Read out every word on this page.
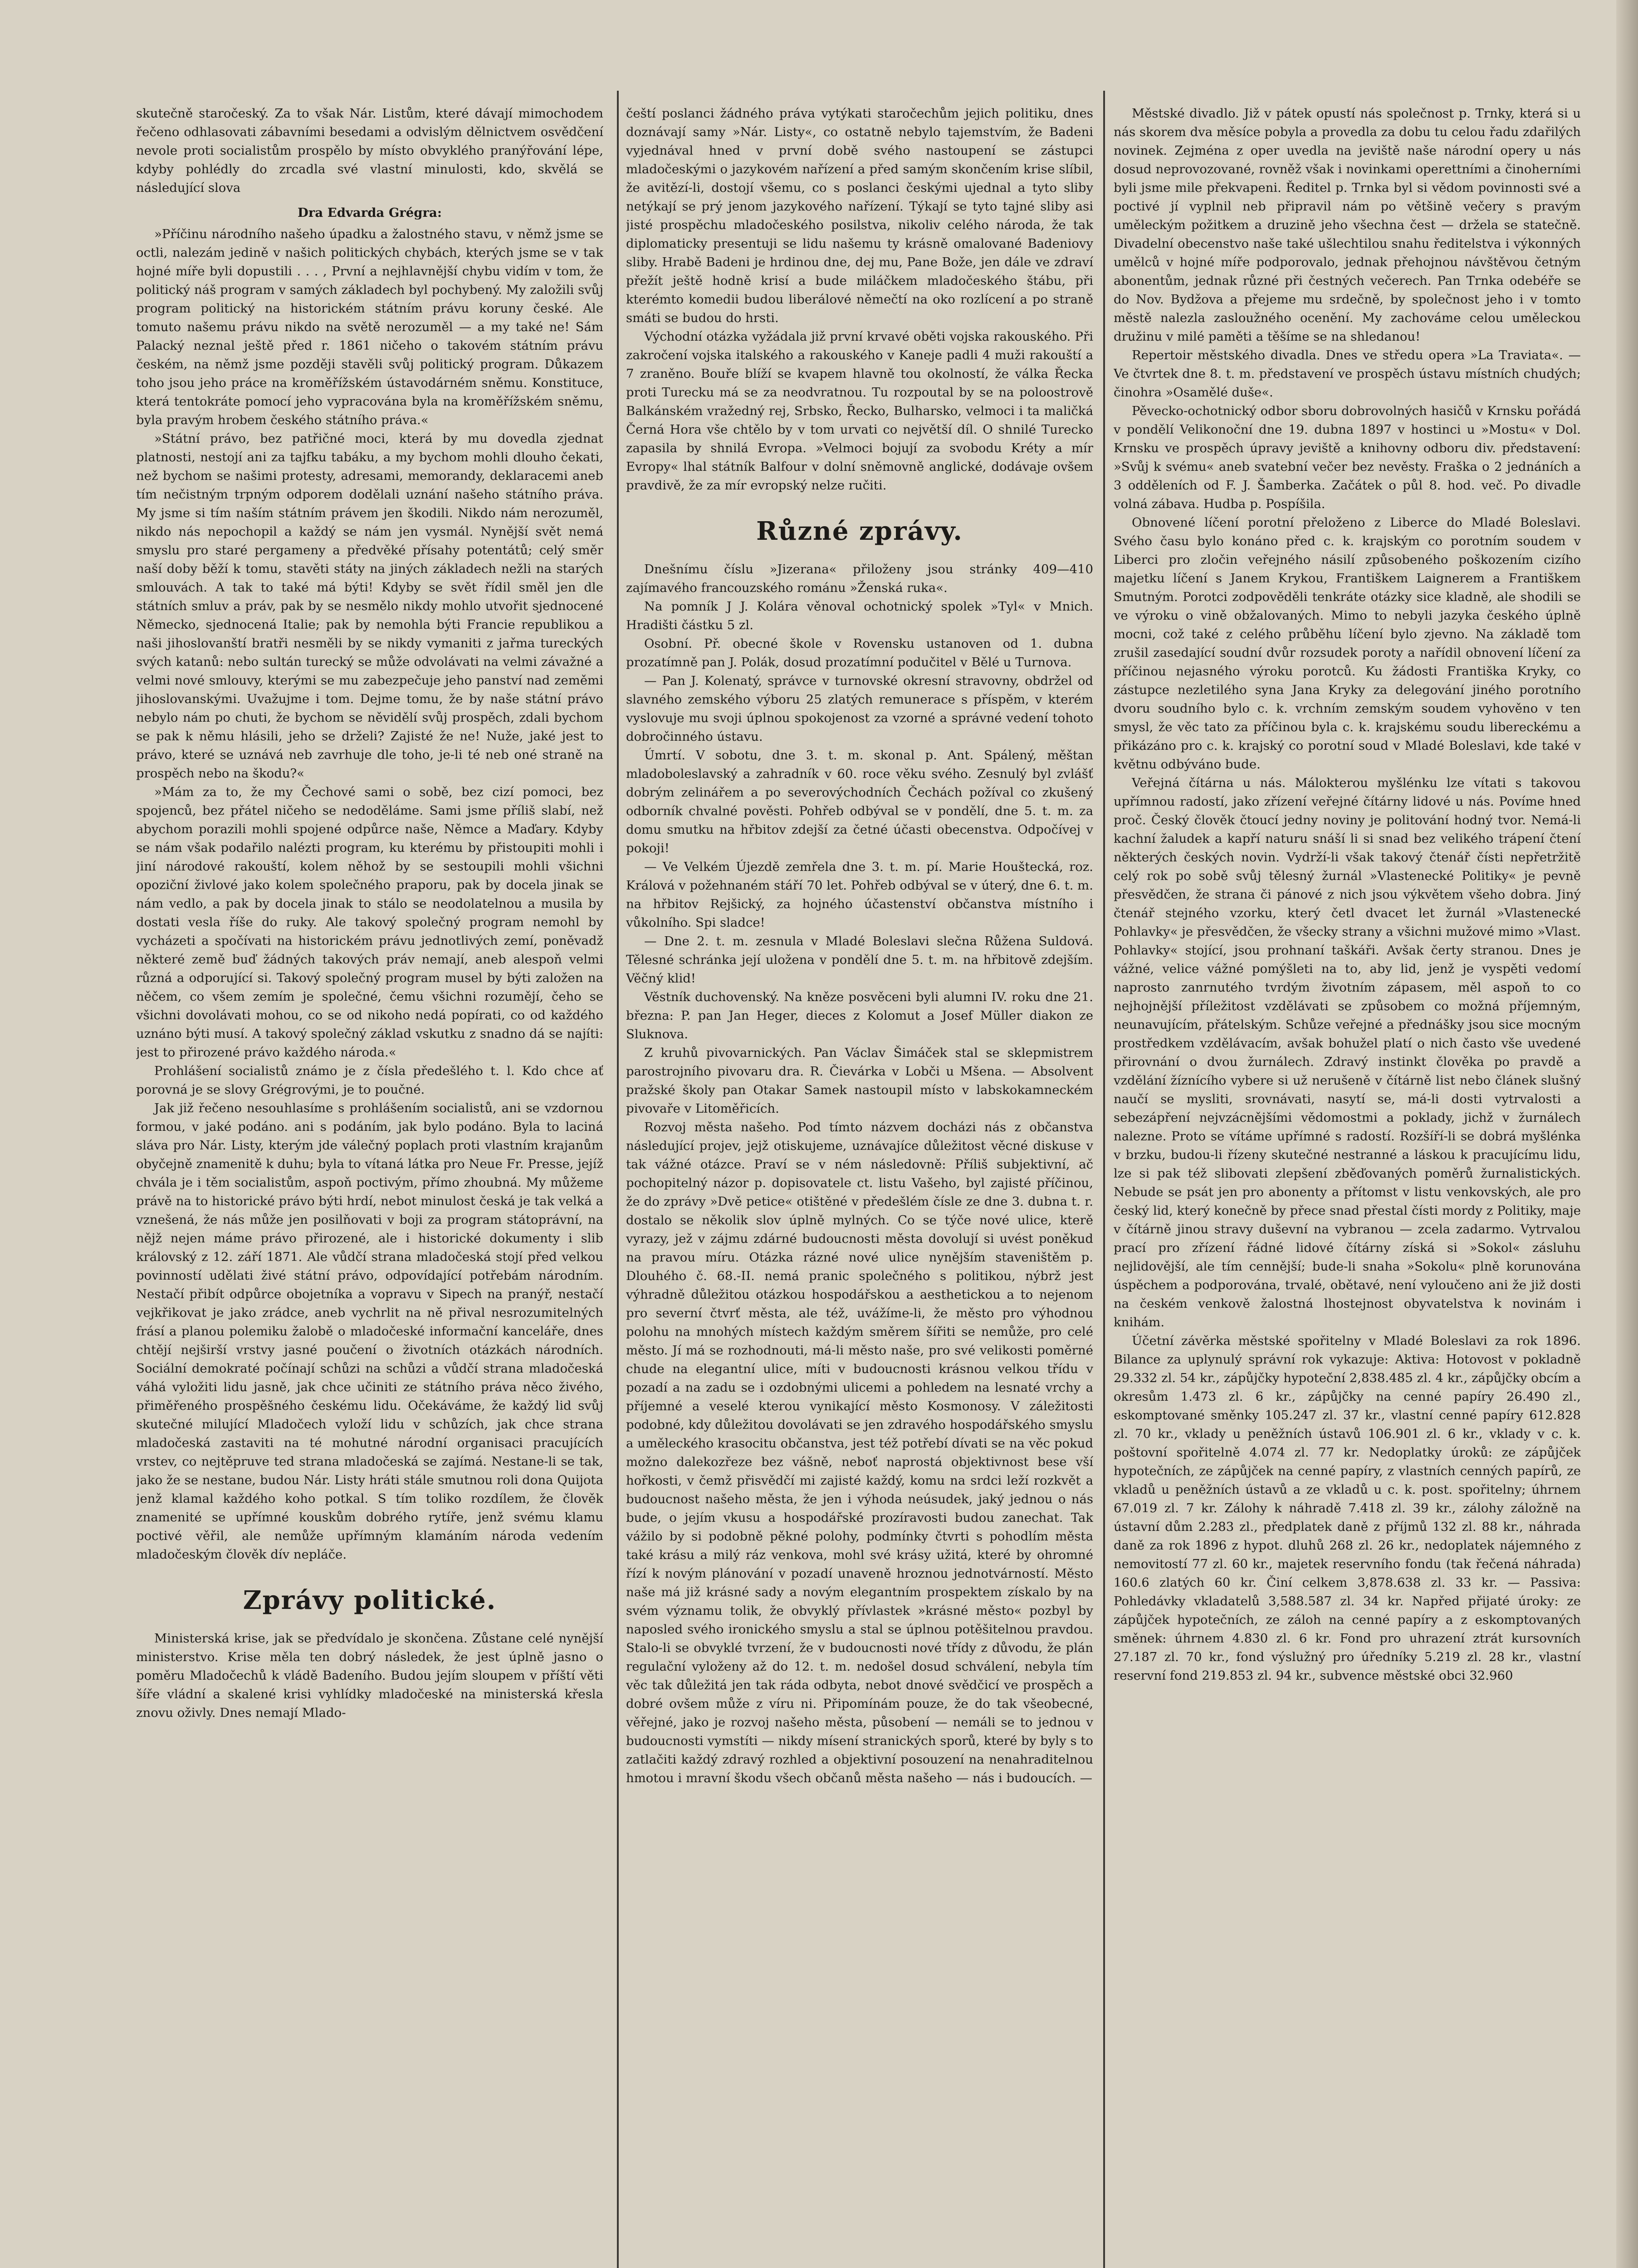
skutečně staročeský. Za to však Nár. Listům, které dávají mimochodem řečeno odhlasovati zábavními besedami a odvislým dělnictvem osvědčení nevole proti socialistům prospělo by místo obvyklého pranýřování lépe, kdyby pohlédly do zrcadla své vlastní minulosti, kdo, skvělá se následující slova

Dra Edvarda Grégra:

»Příčinu národního našeho úpadku a žalostného stavu, v němž jsme se octli, nalezám jedině v našich politických chybách, kterých jsme se v tak hojné míře byli dopustili . . . , První a nejhlavnější chybu vidím v tom, že politický náš program v samých základech byl pochybený. My založili svůj program politický na historickém státním právu koruny české. Ale tomuto našemu právu nikdo na světě nerozuměl — a my také ne! Sám Palacký neznal ještě před r. 1861 ničeho o takovém státním právu českém, na němž jsme později stavěli svůj politický program. Důkazem toho jsou jeho práce na kroměřížském ústavodárném sněmu. Konstituce, která tentokráte pomocí jeho vypracována byla na kroměřížském sněmu, byla pravým hrobem českého státního práva.«

»Státní právo, bez patřičné moci, která by mu dovedla zjednat platnosti, nestojí ani za tajfku tabáku, a my bychom mohli dlouho čekati, než bychom se našimi protesty, adresami, memorandy, deklaracemi aneb tím nečistným trpným odporem dodělali uznání našeho státního práva. My jsme si tím naším státním právem jen škodili. Nikdo nám nerozuměl, nikdo nás nepochopil a každý se nám jen vysmál. Nynější svět nemá smyslu pro staré pergameny a předvěké přísahy potentátů; celý směr naší doby běží k tomu, stavěti státy na jiných základech nežli na starých smlouvách. A tak to také má býti! Kdyby se svět řídil směl jen dle státních smluv a práv, pak by se nesmělo nikdy mohlo utvořit sjednocené Německo, sjednocená Italie; pak by nemohla býti Francie republikou a naši jihoslovanští bratři nesměli by se nikdy vymaniti z jařma tureckých svých katanů: nebo sultán turecký se může odvolávati na velmi závažné a velmi nové smlouvy, kterými se mu zabezpečuje jeho panství nad zeměmi jihoslovanskými. Uvažujme i tom. Dejme tomu, že by naše státní právo nebylo nám po chuti, že bychom se něvidělí svůj prospěch, zdali bychom se pak k němu hlásili, jeho se drželi? Zajisté že ne! Nuže, jaké jest to právo, které se uznává neb zavrhuje dle toho, je-li té neb oné straně na prospěch nebo na škodu?«

»Mám za to, že my Čechové sami o sobě, bez cizí pomoci, bez spojenců, bez přátel ničeho se nedoděláme. Sami jsme příliš slabí, než abychom porazili mohli spojené odpůrce naše, Němce a Maďary. Kdyby se nám však podařilo nalézti program, ku kterému by přistoupiti mohli i jiní národové rakouští, kolem něhož by se sestoupili mohli všichni opoziční živlové jako kolem společného praporu, pak by docela jinak se nám vedlo, a pak by docela jinak to stálo se neodolatelnou a musila by dostati vesla říše do ruky. Ale takový společný program nemohl by vycházeti a spočívati na historickém právu jednotlivých zemí, poněvadž některé země buď žádných takových práv nemají, aneb alespoň velmi různá a odporující si. Takový společný program musel by býti založen na něčem, co všem zemím je společné, čemu všichni rozumějí, čeho se všichni dovolávati mohou, co se od nikoho nedá popírati, co od každého uznáno býti musí. A takový společný základ vskutku z snadno dá se najíti: jest to přirozené právo každého národa.«

Prohlášení socialistů známo je z čísla předešlého t. l. Kdo chce ať porovná je se slovy Grégrovými, je to poučné.

Jak již řečeno nesouhlasíme s prohlášením socialistů, ani se vzdornou formou, v jaké podáno. ani s podáním, jak bylo podáno. Byla to laciná sláva pro Nár. Listy, kterým jde válečný poplach proti vlastním krajanům obyčejně znamenitě k duhu; byla to vítaná látka pro Neue Fr. Presse, jejíž chvála je i těm socialistům, aspoň poctivým, přímo zhoubná. My můžeme právě na to historické právo býti hrdí, nebot minulost česká je tak velká a vznešená, že nás může jen posilňovati v boji za program státoprávní, na nějž nejen máme právo přirozené, ale i historické dokumenty i slib královský z 12. září 1871. Ale vůdčí strana mladočeská stojí před velkou povinností udělati živé státní právo, odpovídající potřebám národním. Nestačí přibít odpůrce obojetníka a vopravu v Sipech na pranýř, nestačí vejkřikovat je jako zrádce, aneb vychrlit na ně přival nesrozumitelných frásí a planou polemiku žalobě o mladočeské informační kanceláře, dnes chtějí nejširší vrstvy jasné poučení o životních otázkách národních. Sociální demokraté počínají schůzi na schůzi a vůdčí strana mladočeská váhá vyložiti lidu jasně, jak chce učiniti ze státního práva něco živého, přiměřeného prospěšného českému lidu. Očekáváme, že každý lid svůj skutečné milující Mladočech vyloží lidu v schůzích, jak chce strana mladočeská zastaviti na té mohutné národní organisaci pracujících vrstev, co nejtěpruve ted strana mladočeská se zajímá. Nestane-li se tak, jako že se nestane, budou Nár. Listy hráti stále smutnou roli dona Quijota jenž klamal každého koho potkal. S tím toliko rozdílem, že člověk znamenité se upřímné kouskům dobrého rytíře, jenž svému klamu poctivé věřil, ale nemůže upřímným klamáním národa vedením mladočeským člověk dív nepláče.

Zprávy politické.

Ministerská krise, jak se předvídalo je skončena. Zůstane celé nynější ministerstvo. Krise měla ten dobrý následek, že jest úplně jasno o poměru Mladočechů k vládě Badeního. Budou jejím sloupem v příští věti šíře vládní a skalené krisi vyhlídky mladočeské na ministerská křesla znovu oživly. Dnes nemají Mlado-

čeští poslanci žádného práva vytýkati staročechům jejich politiku, dnes doznávají samy »Nár. Listy«, co ostatně nebylo tajemstvím, že Badeni vyjednával hned v první době svého nastoupení se zástupci mladočeskými o jazykovém nařízení a před samým skončením krise slíbil, že avitězí-li, dostojí všemu, co s poslanci českými ujednal a tyto sliby netýkají se prý jenom jazykového nařízení. Týkají se tyto tajné sliby asi jisté prospěchu mladočeského posilstva, nikoliv celého národa, že tak diplomaticky presentuji se lidu našemu ty krásně omalované Badeniovy sliby. Hrabě Badeni je hrdinou dne, dej mu, Pane Bože, jen dále ve zdraví přežít ještě hodně krisí a bude miláčkem mladočeského štábu, při kterémto komedii budou liberálové němečtí na oko rozlícení a po straně smáti se budou do hrsti.

Východní otázka vyžádala již první krvavé oběti vojska rakouského. Při zakročení vojska italského a rakouského v Kaneje padli 4 muži rakouští a 7 zraněno. Bouře blíží se kvapem hlavně tou okolností, že válka Řecka proti Turecku má se za neodvratnou. Tu rozpoutal by se na poloostrově Balkánském vražedný rej, Srbsko, Řecko, Bulharsko, velmoci i ta maličká Černá Hora vše chtělo by v tom urvati co největší díl. O shnilé Turecko zapasila by shnilá Evropa. »Velmoci bojují za svobodu Kréty a mír Evropy« lhal státník Balfour v dolní sněmovně anglické, dodávaje ovšem pravdivě, že za mír evropský nelze ručiti.

Různé zprávy.

Dnešnímu číslu »Jizerana« přiloženy jsou stránky 409—410 zajímavého francouzského románu »Ženská ruka«.

Na pomník J J. Kolára věnoval ochotnický spolek »Tyl« v Mnich. Hradišti částku 5 zl.

Osobní. Př. obecné škole v Rovensku ustanoven od 1. dubna prozatímně pan J. Polák, dosud prozatímní podučitel v Bělé u Turnova.

— Pan J. Kolenatý, správce v turnovské okresní stravovny, obdržel od slavného zemského výboru 25 zlatých remunerace s příspěm, v kterém vyslovuje mu svoji úplnou spokojenost za vzorné a správné vedení tohoto dobročinného ústavu.

Úmrtí. V sobotu, dne 3. t. m. skonal p. Ant. Spálený, měštan mladoboleslavský a zahradník v 60. roce věku svého. Zesnulý byl zvlášť dobrým zelinářem a po severovýchodních Čechách požíval co zkušený odborník chvalné pověsti. Pohřeb odbýval se v pondělí, dne 5. t. m. za domu smutku na hřbitov zdejší za četné účasti obecenstva. Odpočívej v pokoji!

— Ve Velkém Újezdě zemřela dne 3. t. m. pí. Marie Houštecká, roz. Králová v požehnaném stáří 70 let. Pohřeb odbýval se v úterý, dne 6. t. m. na hřbitov Rejšický, za hojného účastenství občanstva místního i vůkolního. Spi sladce!

— Dne 2. t. m. zesnula v Mladé Boleslavi slečna Růžena Suldová. Tělesné schránka její uložena v pondělí dne 5. t. m. na hřbitově zdejším. Věčný klid!

Věstník duchovenský. Na kněze posvěceni byli alumni IV. roku dne 21. března: P. pan Jan Heger, dieces z Kolomut a Josef Müller diakon ze Sluknova.

Z kruhů pivovarnických. Pan Václav Šimáček stal se sklepmistrem parostrojního pivovaru dra. R. Čievárka v Lobči u Mšena. — Absolvent pražské školy pan Otakar Samek nastoupil místo v labskokamneckém pivovaře v Litoměřicích.

Rozvoj města našeho. Pod tímto názvem docházi nás z občanstva následující projev, jejž otiskujeme, uznávajíce důležitost věcné diskuse v tak vážné otázce. Praví se v ném následovně: Příliš subjektivní, ač pochopitelný názor p. dopisovatele ct. listu Vašeho, byl zajisté příčinou, že do zprávy »Dvě petice« otištěné v předešlém čísle ze dne 3. dubna t. r. dostalo se několik slov úplně mylných. Co se týče nové ulice, kterě vyrazy, jež v zájmu zdárné budoucnosti města dovolují si uvést poněkud na pravou míru. Otázka rázné nové ulice nynějším staveništěm p. Dlouhého č. 68.-II. nemá pranic společného s politikou, nýbrž jest výhradně důležitou otázkou hospodářskou a aesthetickou a to nejenom pro severní čtvrť města, ale též, uvážíme-li, že město pro výhodnou polohu na mnohých místech každým směrem šířiti se nemůže, pro celé město. Jí má se rozhodnouti, má-li město naše, pro své velikosti poměrné chude na elegantní ulice, míti v budoucnosti krásnou velkou třídu v pozadí a na zadu se i ozdobnými ulicemi a pohledem na lesnaté vrchy a příjemné a veselé kterou vynikající město Kosmonosy. V záležitosti podobné, kdy důležitou dovolávati se jen zdravého hospodářského smyslu a uměleckého krasocitu občanstva, jest též potřebí dívati se na věc pokud možno dalekozřeze bez vášně, neboť naprostá objektivnost bese vší hořkosti, v čemž přisvědčí mi zajisté každý, komu na srdci leží rozkvět a budoucnost našeho města, že jen i výhoda neúsudek, jaký jednou o nás bude, o jejím vkusu a hospodářské prozíravosti budou zanechat. Tak vážilo by si podobně pěkné polohy, podmínky čtvrti s pohodlím města také krásu a milý ráz venkova, mohl své krásy užitá, které by ohromné řízí k novým plánování v pozadí unaveně hroznou jednotvárností. Město naše má již krásné sady a novým elegantním prospektem získalo by na svém významu tolik, že obvyklý přívlastek »krásné město« pozbyl by naposled svého ironického smyslu a stal se úplnou potěšitelnou pravdou. Stalo-li se obvyklé tvrzení, že v budoucnosti nové třídy z důvodu, že plán regulační vyloženy až do 12. t. m. nedošel dosud schválení, nebyla tím věc tak důležitá jen tak ráda odbyta, nebot dnové svědčicí ve prospěch a dobré ovšem může z víru ni. Připomínám pouze, že do tak všeobecné, věřejné, jako je rozvoj našeho města, působení — nemáli se to jednou v budoucnosti vymstíti — nikdy mísení stranických sporů, které by byly s to zatlačiti každý zdravý rozhled a objektivní posouzení na nenahraditelnou hmotou i mravní škodu všech občanů města našeho — nás i budoucích. —

Městské divadlo. Již v pátek opustí nás společnost p. Trnky, která si u nás skorem dva měsíce pobyla a provedla za dobu tu celou řadu zdařilých novinek. Zejména z oper uvedla na jeviště naše národní opery u nás dosud neprovozované, rovněž však i novinkami operettními a činoherními byli jsme mile překvapeni. Ředitel p. Trnka byl si vědom povinnosti své a poctivé jí vyplnil neb připravil nám po většině večery s pravým uměleckým požitkem a druzině jeho všechna čest — držela se statečně. Divadelní obecenstvo naše také ušlechtilou snahu ředitelstva i výkonných umělců v hojné míře podporovalo, jednak přehojnou návštěvou četným abonentům, jednak různé při čestných večerech. Pan Trnka odebéře se do Nov. Bydžova a přejeme mu srdečně, by společnost jeho i v tomto městě nalezla zasloužného ocenění. My zachováme celou uměleckou družinu v milé paměti a těšíme se na shledanou!

Repertoir městského divadla. Dnes ve středu opera »La Traviata«. — Ve čtvrtek dne 8. t. m. představení ve prospěch ústavu místních chudých; činohra »Osamělé duše«.

Pěvecko-ochotnický odbor sboru dobrovolných hasičů v Krnsku pořádá v pondělí Velikonoční dne 19. dubna 1897 v hostinci u »Mostu« v Dol. Krnsku ve prospěch úpravy jeviště a knihovny odboru div. představení: »Svůj k svému« aneb svatební večer bez nevěsty. Fraška o 2 jednáních a 3 odděleních od F. J. Šamberka. Začátek o půl 8. hod. več. Po divadle volná zábava. Hudba p. Pospíšila.

Obnovené líčení porotní přeloženo z Liberce do Mladé Boleslavi. Svého času bylo konáno před c. k. krajským co porotním soudem v Liberci pro zločin veřejného násilí způsobeného poškozením cizího majetku líčení s Janem Krykou, Františkem Laignerem a Františkem Smutným. Porotci zodpověděli tenkráte otázky sice kladně, ale shodili se ve výroku o vině obžalovaných. Mimo to nebyli jazyka českého úplně mocni, což také z celého průběhu líčení bylo zjevno. Na základě tom zrušil zasedající soudní dvůr rozsudek poroty a nařídil obnovení líčení za příčinou nejasného výroku porotců. Ku žádosti Františka Kryky, co zástupce nezletilého syna Jana Kryky za delegování jiného porotního dvoru soudního bylo c. k. vrchním zemským soudem vyhověno v ten smysl, že věc tato za příčinou byla c. k. krajskému soudu libereckému a přikázáno pro c. k. krajský co porotní soud v Mladé Boleslavi, kde také v květnu odbýváno bude.

Veřejná čítárna u nás. Málokterou myšlénku lze vítati s takovou upřímnou radostí, jako zřízení veřejné čítárny lidové u nás. Povíme hned proč. Český člověk čtoucí jedny noviny je politování hodný tvor. Nemá-li kachní žaludek a kapří naturu snáší li si snad bez velikého trápení čtení některých českých novin. Vydrží-li však takový čtenář čísti nepřetržitě celý rok po sobě svůj tělesný žurnál »Vlastenecké Politiky« je pevně přesvědčen, že strana či pánové z nich jsou výkvětem všeho dobra. Jiný čtenář stejného vzorku, který četl dvacet let žurnál »Vlastenecké Pohlavky« je přesvědčen, že všecky strany a všichni mužové mimo »Vlast. Pohlavky« stojící, jsou prohnaní taškáři. Avšak čerty stranou. Dnes je vážné, velice vážné pomýšleti na to, aby lid, jenž je vyspěti vedomí naprosto zanrnutého tvrdým životním zápasem, měl aspoň to co nejhojnější příležitost vzdělávati se způsobem co možná příjemným, neunavujícím, přátelským. Schůze veřejné a přednášky jsou sice mocným prostředkem vzdělávacím, avšak bohužel platí o nich často vše uvedené přirovnání o dvou žurnálech. Zdravý instinkt člověka po pravdě a vzdělání žíznícího vybere si už nerušeně v čítárně list nebo článek slušný naučí se mysliti, srovnávati, nasytí se, má-li dosti vytrvalosti a sebezápření nejvzácnějšími vědomostmi a poklady, jichž v žurnálech nalezne. Proto se vítáme upřímné s radostí. Rozšíří-li se dobrá myšlénka v brzku, budou-li řízeny skutečné nestranné a láskou k pracujícímu lidu, lze si pak též slibovati zlepšení zběďovaných poměrů žurnalistických. Nebude se psát jen pro abonenty a přítomst v listu venkovských, ale pro český lid, který konečně by přece snad přestal čísti mordy z Politiky, maje v čítárně jinou stravy duševní na vybranou — zcela zadarmo. Vytrvalou prací pro zřízení řádné lidové čítárny získá si »Sokol« zásluhu nejlidovější, ale tím cennější; bude-li snaha »Sokolu« plně korunována úspěchem a podporována, trvalé, obětavé, není vyloučeno ani že již dosti na českém venkově žalostná lhostejnost obyvatelstva k novinám i knihám.

Účetní závěrka městské spořitelny v Mladé Boleslavi za rok 1896. Bilance za uplynulý správní rok vykazuje: Aktiva: Hotovost v pokladně 29.332 zl. 54 kr., zápůjčky hypoteční 2,838.485 zl. 4 kr., zápůjčky obcím a okresům 1.473 zl. 6 kr., zápůjčky na cenné papíry 26.490 zl., eskomptované směnky 105.247 zl. 37 kr., vlastní cenné papíry 612.828 zl. 70 kr., vklady u peněžních ústavů 106.901 zl. 6 kr., vklady v c. k. poštovní spořitelně 4.074 zl. 77 kr. Nedoplatky úroků: ze zápůjček hypotečních, ze zápůjček na cenné papíry, z vlastních cenných papírů, ze vkladů u peněžních ústavů a ze vkladů u c. k. post. spořitelny; úhrnem 67.019 zl. 7 kr. Zálohy k náhradě 7.418 zl. 39 kr., zálohy záložně na ústavní dům 2.283 zl., předplatek daně z příjmů 132 zl. 88 kr., náhrada daně za rok 1896 z hypot. dluhů 268 zl. 26 kr., nedoplatek nájemného z nemovitostí 77 zl. 60 kr., majetek reservního fondu (tak řečená náhrada) 160.6 zlatých 60 kr. Činí celkem 3,878.638 zl. 33 kr. — Passiva: Pohledávky vkladatelů 3,588.587 zl. 34 kr. Napřed přijaté úroky: ze zápůjček hypotečních, ze záloh na cenné papíry a z eskomptovaných směnek: úhrnem 4.830 zl. 6 kr. Fond pro uhrazení ztrát kursovních 27.187 zl. 70 kr., fond výslužný pro úředníky 5.219 zl. 28 kr., vlastní reservní fond 219.853 zl. 94 kr., subvence městské obci 32.960
